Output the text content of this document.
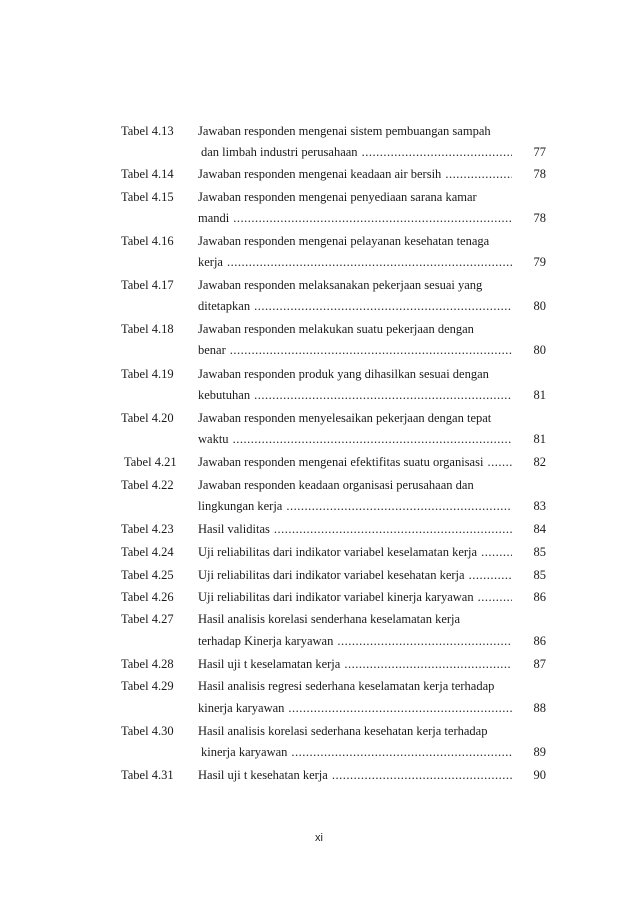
Tabel 4.13 Jawaban responden mengenai sistem pembuangan sampah
dan limbah industri perusahaan .....	77
Tabel 4.14 Jawaban responden mengenai keadaan air bersih .....	78
Tabel 4.15 Jawaban responden mengenai penyediaan sarana kamar
mandi .....	78
Tabel 4.16 Jawaban responden mengenai pelayanan kesehatan tenaga
kerja .....	79
Tabel 4.17 Jawaban responden melaksanakan pekerjaan sesuai yang
ditetapkan .....	80
Tabel 4.18 Jawaban responden melakukan suatu pekerjaan dengan
benar .....	80
Tabel 4.19 Jawaban responden produk yang dihasilkan sesuai dengan
kebutuhan .....	81
Tabel 4.20 Jawaban responden menyelesaikan pekerjaan dengan tepat
waktu .....	81
Tabel 4.21 Jawaban responden mengenai efektifitas suatu organisasi .....	82
Tabel 4.22 Jawaban responden keadaan organisasi perusahaan dan
lingkungan kerja .....	83
Tabel 4.23 Hasil validitas .....	84
Tabel 4.24 Uji reliabilitas dari indikator variabel keselamatan kerja .....	85
Tabel 4.25 Uji reliabilitas dari indikator variabel kesehatan kerja .....	85
Tabel 4.26 Uji reliabilitas dari indikator variabel kinerja karyawan .....	86
Tabel 4.27 Hasil analisis korelasi senderhana keselamatan kerja
terhadap Kinerja karyawan .....	86
Tabel 4.28 Hasil uji t keselamatan kerja .....	87
Tabel 4.29 Hasil analisis regresi sederhana keselamatan kerja terhadap
kinerja karyawan .....	88
Tabel 4.30 Hasil analisis korelasi sederhana kesehatan kerja terhadap
kinerja karyawan .....	89
Tabel 4.31 Hasil uji t kesehatan kerja .....	90
xi
